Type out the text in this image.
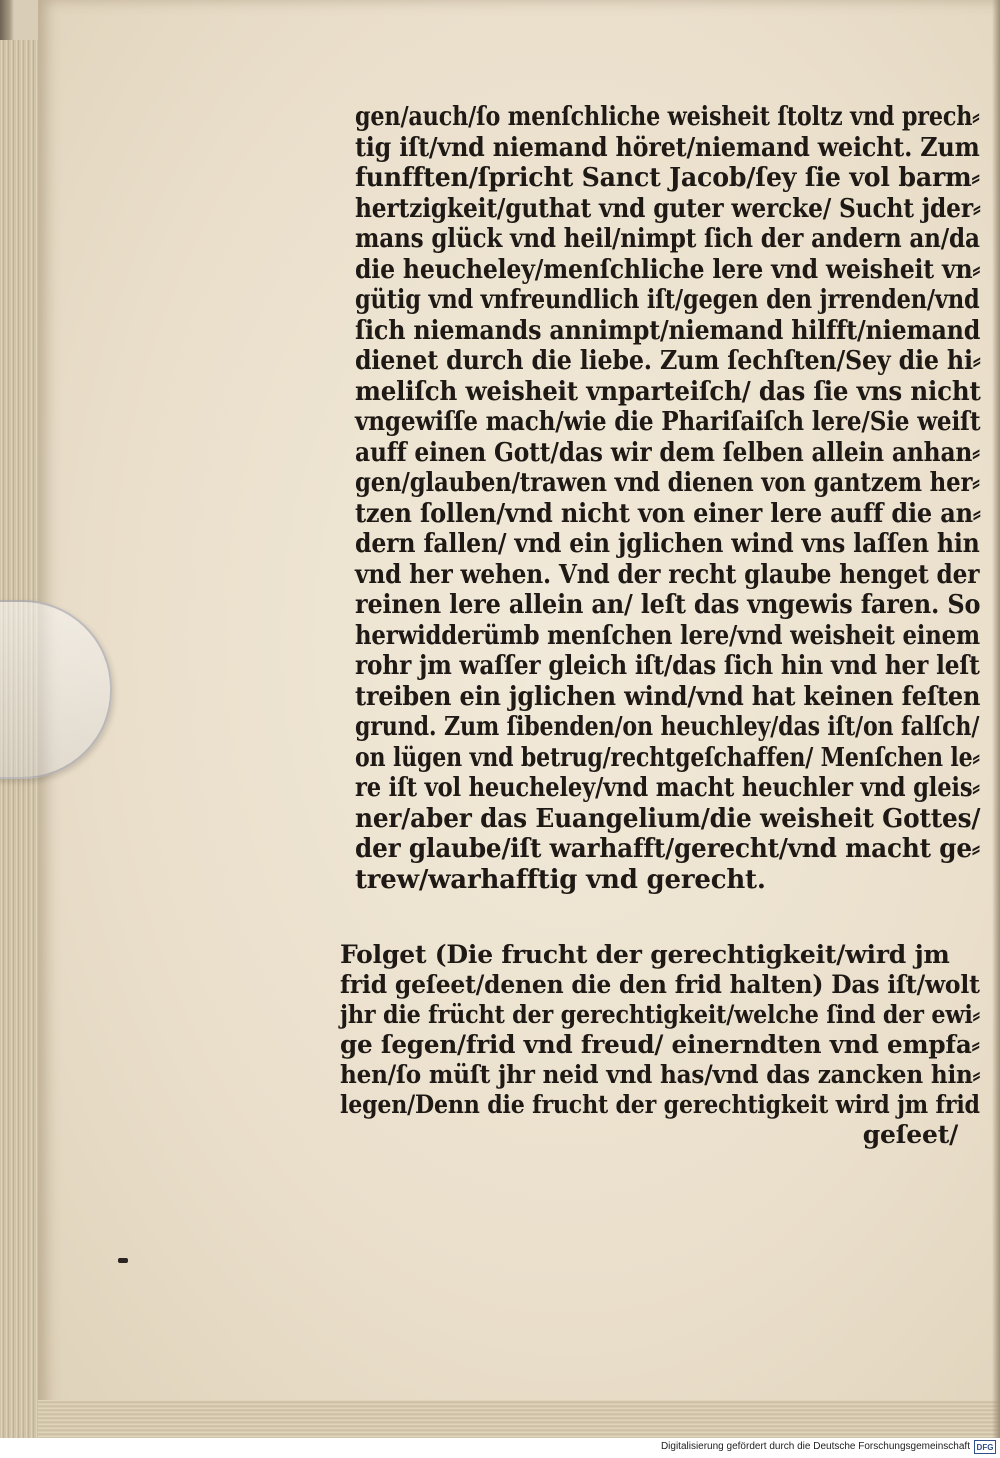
gen/auch/ſo menſchliche weisheit ſtoltz vnd prech⸗
tig iſt/vnd niemand höret/niemand weicht. Zum
funfften/ſpricht Sanct Jacob/ſey ſie vol barm⸗
hertzigkeit/guthat vnd guter wercke/ Sucht jder⸗
mans glück vnd heil/nimpt ſich der andern an/da
die heucheley/menſchliche lere vnd weisheit vn⸗
gütig vnd vnfreundlich iſt/gegen den jrrenden/vnd
ſich niemands annimpt/niemand hilfft/niemand
dienet durch die liebe. Zum ſechſten/Sey die hi⸗
meliſch weisheit vnparteiſch/ das ſie vns nicht
vngewiſſe mach/wie die Phariſaiſch lere/Sie weiſt
auff einen Gott/das wir dem ſelben allein anhan⸗
gen/glauben/trawen vnd dienen von gantzem her⸗
tzen ſollen/vnd nicht von einer lere auff die an⸗
dern fallen/ vnd ein jglichen wind vns laſſen hin
vnd her wehen. Vnd der recht glaube henget der
reinen lere allein an/ leſt das vngewis faren. So
herwidderümb menſchen lere/vnd weisheit einem
rohr jm waſſer gleich iſt/das ſich hin vnd her leſt
treiben ein jglichen wind/vnd hat keinen feſten
grund. Zum ſibenden/on heuchley/das iſt/on falſch/
on lügen vnd betrug/rechtgeſchaffen/ Menſchen le⸗
re iſt vol heucheley/vnd macht heuchler vnd gleis⸗
ner/aber das Euangelium/die weisheit Gottes/
der glaube/iſt warhafft/gerecht/vnd macht ge⸗
trew/warhafftig vnd gerecht.
Folget (Die frucht der gerechtigkeit/wird jm
frid geſeet/denen die den frid halten) Das iſt/wolt
jhr die frücht der gerechtigkeit/welche ſind der ewi⸗
ge ſegen/frid vnd freud/ einerndten vnd empfa⸗
hen/ſo müſt jhr neid vnd has/vnd das zancken hin⸗
legen/Denn die frucht der gerechtigkeit wird jm frid
geſeet/
Digitalisierung gefördert durch die Deutsche Forschungsgemeinschaft DFG
